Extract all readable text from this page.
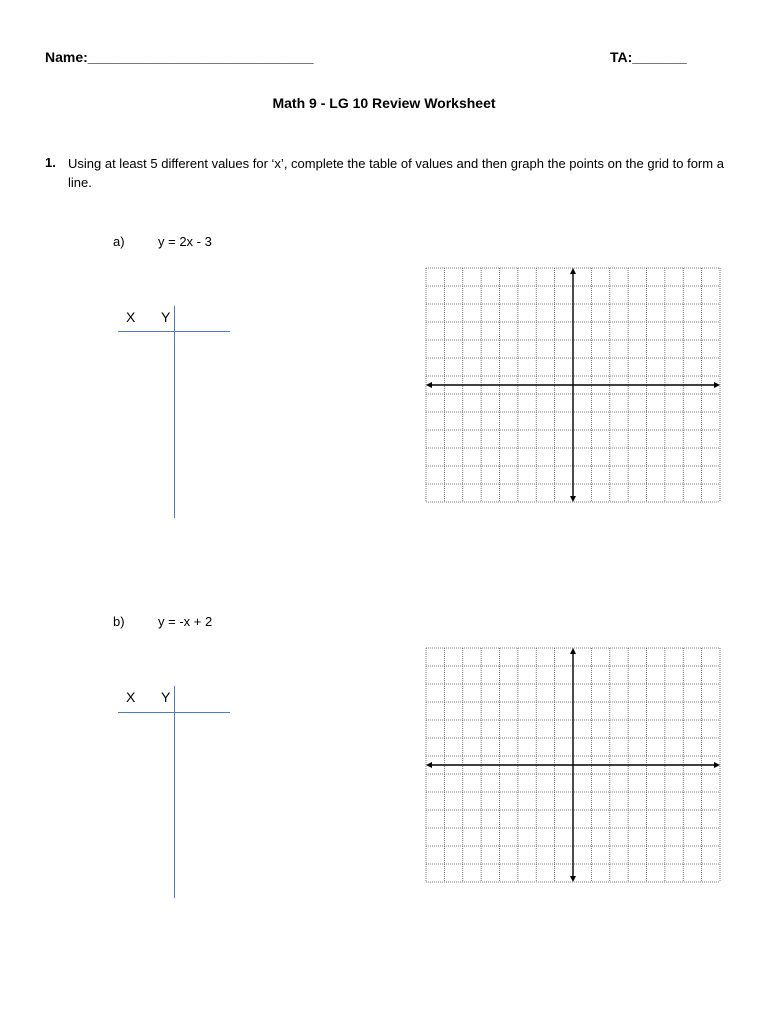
Name:_____________________________	TA:_______
Math 9 - LG 10 Review Worksheet
1. Using at least 5 different values for ‘x’, complete the table of values and then graph the points on the grid to form a line.
a)	y = 2x - 3
X Y
b)	y = -x + 2
X Y
